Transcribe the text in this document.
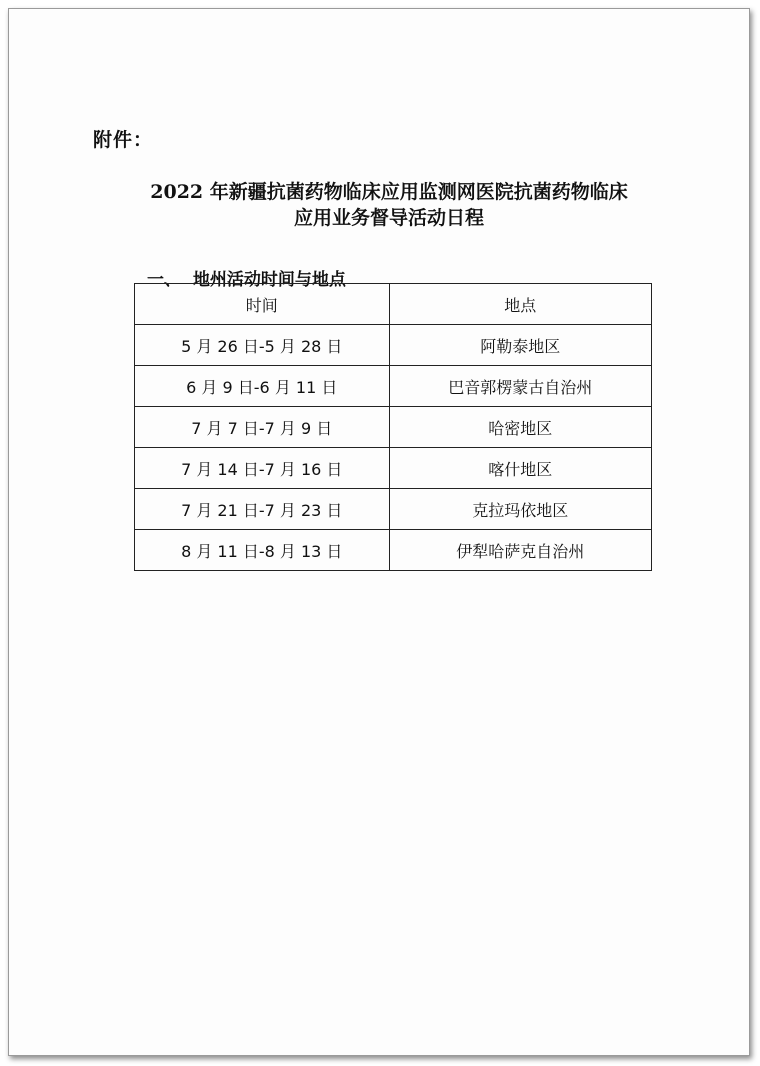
附件：
2022 年新疆抗菌药物临床应用监测网医院抗菌药物临床
应用业务督导活动日程
一、  地州活动时间与地点
时间	地点
5 月 26 日-5 月 28 日	阿勒泰地区
6 月 9 日-6 月 11 日	巴音郭楞蒙古自治州
7 月 7 日-7 月 9 日	哈密地区
7 月 14 日-7 月 16 日	喀什地区
7 月 21 日-7 月 23 日	克拉玛依地区
8 月 11 日-8 月 13 日	伊犁哈萨克自治州
